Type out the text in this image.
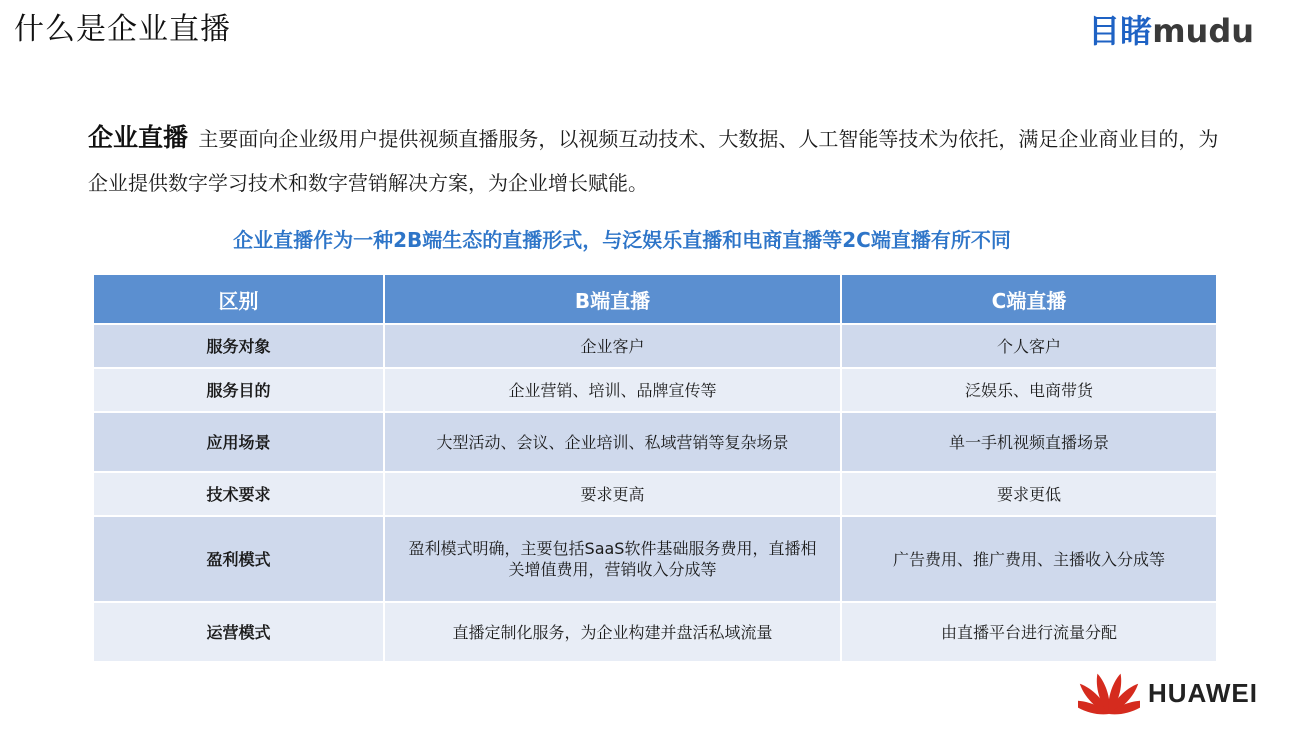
什么是企业直播	目睹mudu
企业直播 主要面向企业级用户提供视频直播服务，以视频互动技术、大数据、人工智能等技术为依托，满足企业商业目的，为企业提供数字学习技术和数字营销解决方案，为企业增长赋能。
企业直播作为一种2B端生态的直播形式，与泛娱乐直播和电商直播等2C端直播有所不同
区别	B端直播	C端直播
服务对象	企业客户	个人客户
服务目的	企业营销、培训、品牌宣传等	泛娱乐、电商带货
应用场景	大型活动、会议、企业培训、私域营销等复杂场景	单一手机视频直播场景
技术要求	要求更高	要求更低
盈利模式	盈利模式明确，主要包括SaaS软件基础服务费用，直播相关增值费用，营销收入分成等	广告费用、推广费用、主播收入分成等
运营模式	直播定制化服务，为企业构建并盘活私域流量	由直播平台进行流量分配
HUAWEI
